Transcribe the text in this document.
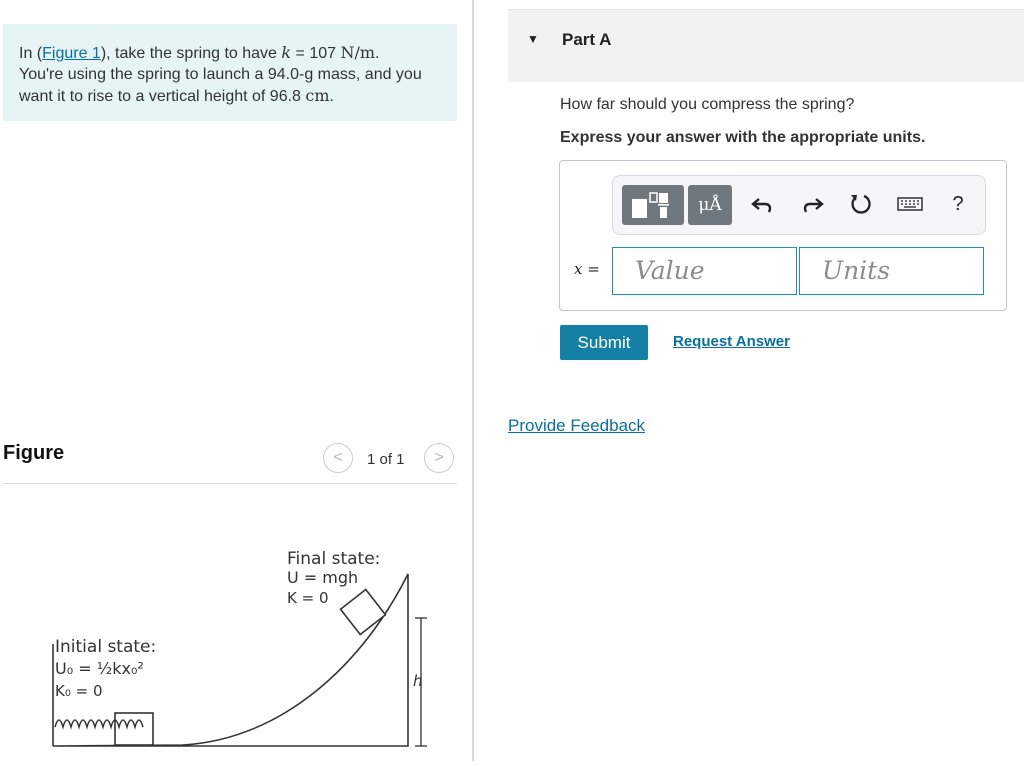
In (Figure 1), take the spring to have k = 107 N/m.
You're using the spring to launch a 94.0-g mass, and you
want it to rise to a vertical height of 96.8 cm.
Figure	<	1 of 1	>
Final state:
U = mgh
K = 0
Initial state:
U₀ = ½kx₀²
K₀ = 0
h
▼ Part A
How far should you compress the spring?
Express your answer with the appropriate units.
μÅ	?
x =	Value	Units
Submit	Request Answer
Provide Feedback
